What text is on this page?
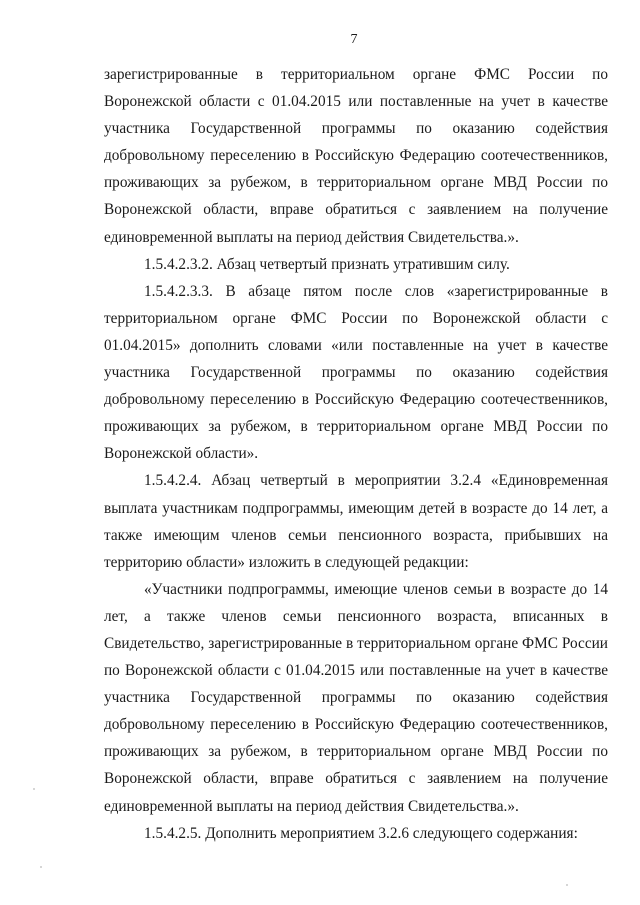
7

зарегистрированные в территориальном органе ФМС России по Воронежской области с 01.04.2015 или поставленные на учет в качестве участника Государственной программы по оказанию содействия добровольному переселению в Российскую Федерацию соотечественников, проживающих за рубежом, в территориальном органе МВД России по Воронежской области, вправе обратиться с заявлением на получение единовременной выплаты на период действия Свидетельства.».

1.5.4.2.3.2. Абзац четвертый признать утратившим силу.

1.5.4.2.3.3. В абзаце пятом после слов «зарегистрированные в территориальном органе ФМС России по Воронежской области с 01.04.2015» дополнить словами «или поставленные на учет в качестве участника Государственной программы по оказанию содействия добровольному переселению в Российскую Федерацию соотечественников, проживающих за рубежом, в территориальном органе МВД России по Воронежской области».

1.5.4.2.4. Абзац четвертый в мероприятии 3.2.4 «Единовременная выплата участникам подпрограммы, имеющим детей в возрасте до 14 лет, а также имеющим членов семьи пенсионного возраста, прибывших на территорию области» изложить в следующей редакции:

«Участники подпрограммы, имеющие членов семьи в возрасте до 14 лет, а также членов семьи пенсионного возраста, вписанных в Свидетельство, зарегистрированные в территориальном органе ФМС России по Воронежской области с 01.04.2015 или поставленные на учет в качестве участника Государственной программы по оказанию содействия добровольному переселению в Российскую Федерацию соотечественников, проживающих за рубежом, в территориальном органе МВД России по Воронежской области, вправе обратиться с заявлением на получение единовременной выплаты на период действия Свидетельства.».

1.5.4.2.5. Дополнить мероприятием 3.2.6 следующего содержания:
